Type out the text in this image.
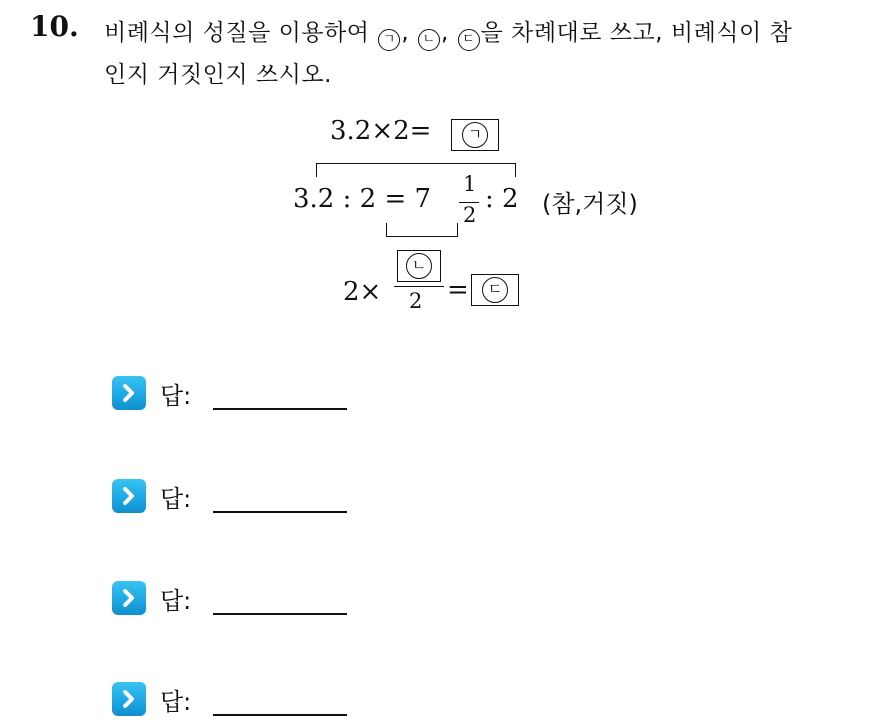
10. 비례식의 성질을 이용하여 ㄱ , ㄴ , ㄷ 을 차례대로 쓰고, 비례식이 참
인지 거짓인지 쓰시오.
3.2×2=	ㄱ
3.2 : 2 = 7 1
2
: 2 (참,거짓)
2×
ㄴ
2 =	ㄷ
답:
답:
답:
답:
